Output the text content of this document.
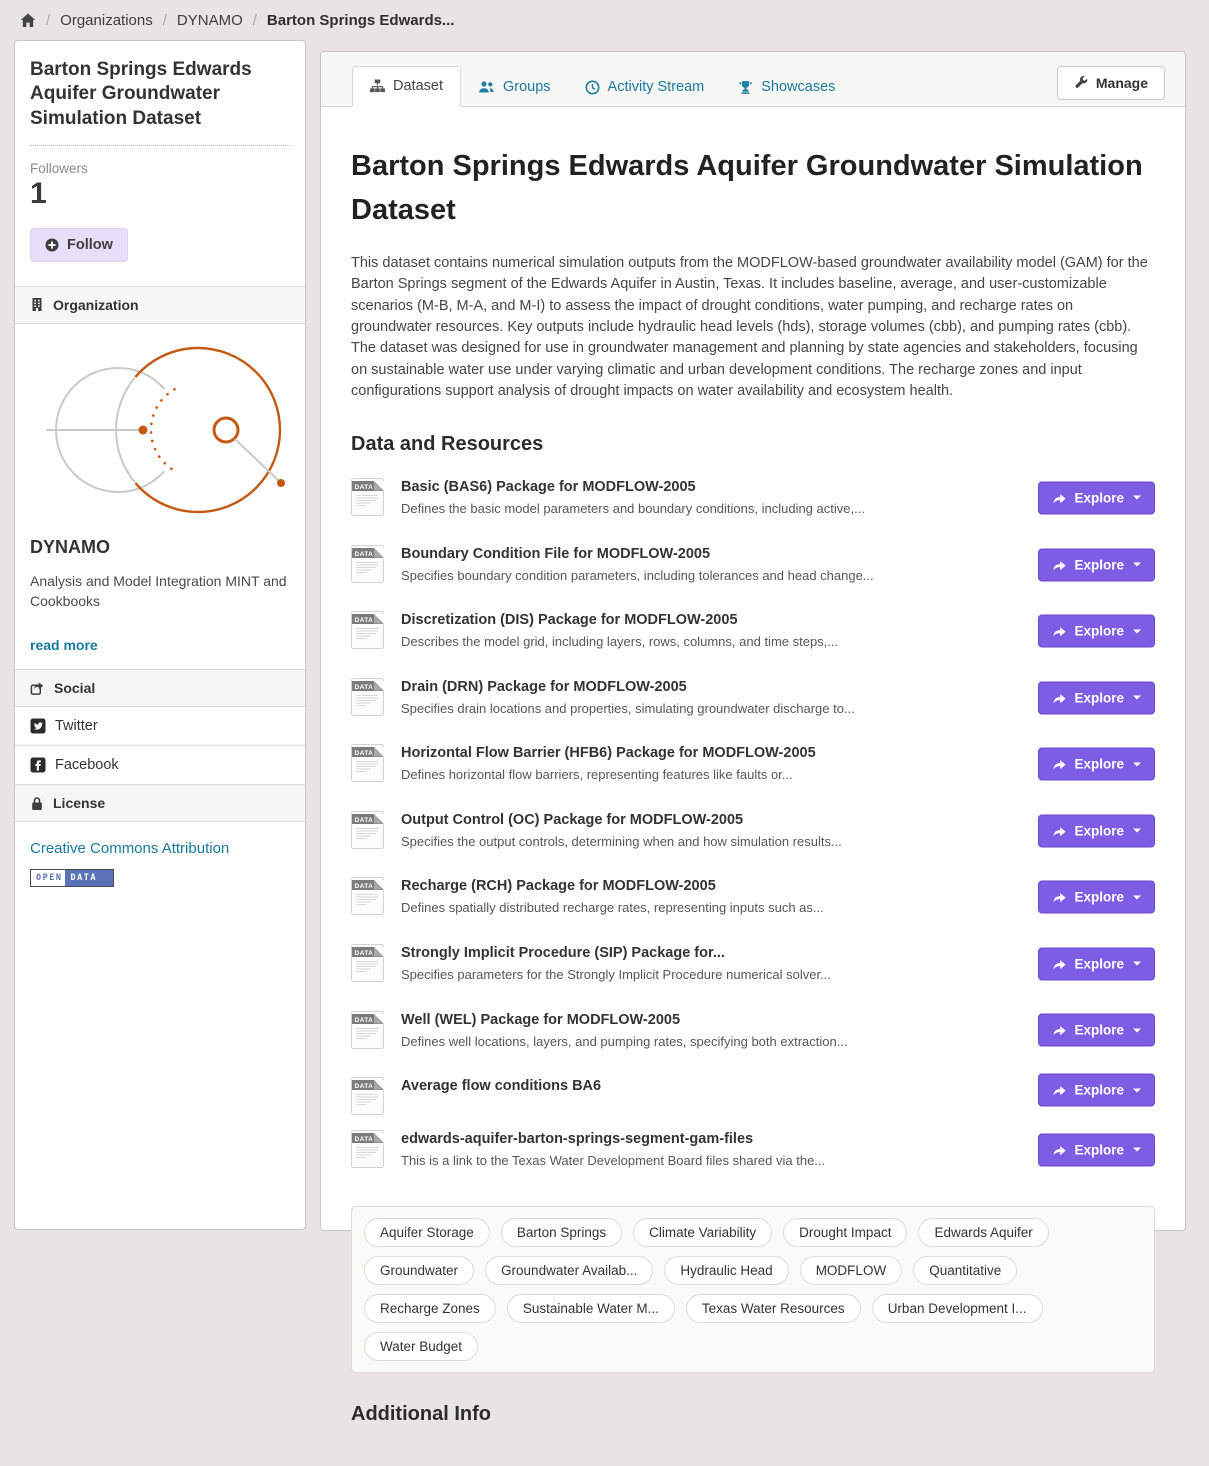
/ Organizations / DYNAMO / Barton Springs Edwards...
Barton Springs Edwards Aquifer Groundwater Simulation Dataset
Followers
1
Follow
Organization
DYNAMO

Analysis and Model Integration MINT and Cookbooks

read more
Social
Twitter
Facebook
License
Creative Commons Attribution

OPEN DATA
Dataset	Groups	Activity Stream	Showcases	Manage
Barton Springs Edwards Aquifer Groundwater Simulation Dataset

This dataset contains numerical simulation outputs from the MODFLOW-based groundwater availability model (GAM) for the Barton Springs segment of the Edwards Aquifer in Austin, Texas. It includes baseline, average, and user-customizable scenarios (M-B, M-A, and M-I) to assess the impact of drought conditions, water pumping, and recharge rates on groundwater resources. Key outputs include hydraulic head levels (hds), storage volumes (cbb), and pumping rates (cbb). The dataset was designed for use in groundwater management and planning by state agencies and stakeholders, focusing on sustainable water use under varying climatic and urban development conditions. The recharge zones and input configurations support analysis of drought impacts on water availability and ecosystem health.

Data and Resources
DATA Basic (BAS6) Package for MODFLOW-2005

Defines the basic model parameters and boundary conditions, including active,...

Explore
DATA Boundary Condition File for MODFLOW-2005

Specifies boundary condition parameters, including tolerances and head change...

Explore
DATA Discretization (DIS) Package for MODFLOW-2005

Describes the model grid, including layers, rows, columns, and time steps,...

Explore
DATA Drain (DRN) Package for MODFLOW-2005

Specifies drain locations and properties, simulating groundwater discharge to...

Explore
DATA Horizontal Flow Barrier (HFB6) Package for MODFLOW-2005

Defines horizontal flow barriers, representing features like faults or...

Explore
DATA Output Control (OC) Package for MODFLOW-2005

Specifies the output controls, determining when and how simulation results...

Explore
DATA Recharge (RCH) Package for MODFLOW-2005

Defines spatially distributed recharge rates, representing inputs such as...

Explore
DATA Strongly Implicit Procedure (SIP) Package for...

Specifies parameters for the Strongly Implicit Procedure numerical solver...

Explore
DATA Well (WEL) Package for MODFLOW-2005

Defines well locations, layers, and pumping rates, specifying both extraction...

Explore
DATA Average flow conditions BA6	Explore
DATA edwards-aquifer-barton-springs-segment-gam-files

This is a link to the Texas Water Development Board files shared via the...

Explore
Aquifer Storage	Barton Springs	Climate Variability	Drought Impact	Edwards Aquifer
Groundwater	Groundwater Availab...	Hydraulic Head	MODFLOW	Quantitative
Recharge Zones	Sustainable Water M...	Texas Water Resources	Urban Development I...
Water Budget
Additional Info
